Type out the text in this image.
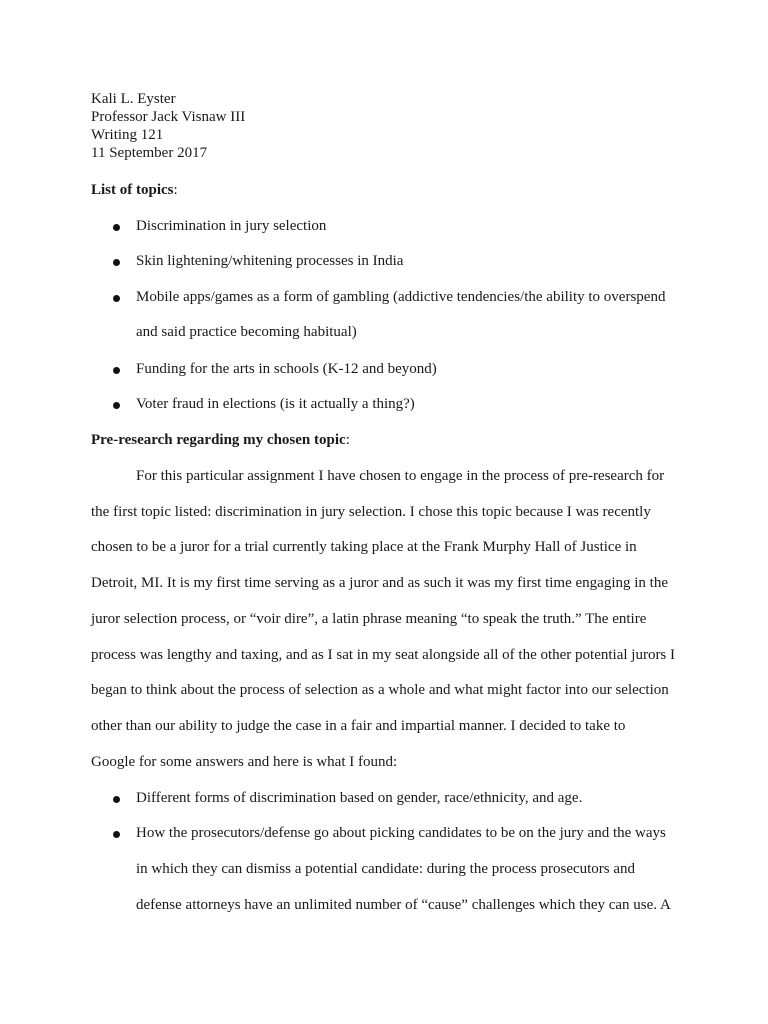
Kali L. Eyster
Professor Jack Visnaw III
Writing 121
11 September 2017
List of topics:
Discrimination in jury selection
Skin lightening/whitening processes in India
Mobile apps/games as a form of gambling (addictive tendencies/the ability to overspend
and said practice becoming habitual)
Funding for the arts in schools (K-12 and beyond)
Voter fraud in elections (is it actually a thing?)
Pre-research regarding my chosen topic:
For this particular assignment I have chosen to engage in the process of pre-research for
the first topic listed: discrimination in jury selection. I chose this topic because I was recently
chosen to be a juror for a trial currently taking place at the Frank Murphy Hall of Justice in
Detroit, MI. It is my first time serving as a juror and as such it was my first time engaging in the
juror selection process, or “voir dire”, a latin phrase meaning “to speak the truth.” The entire
process was lengthy and taxing, and as I sat in my seat alongside all of the other potential jurors I
began to think about the process of selection as a whole and what might factor into our selection
other than our ability to judge the case in a fair and impartial manner. I decided to take to
Google for some answers and here is what I found:
Different forms of discrimination based on gender, race/ethnicity, and age.
How the prosecutors/defense go about picking candidates to be on the jury and the ways
in which they can dismiss a potential candidate: during the process prosecutors and
defense attorneys have an unlimited number of “cause” challenges which they can use. A
